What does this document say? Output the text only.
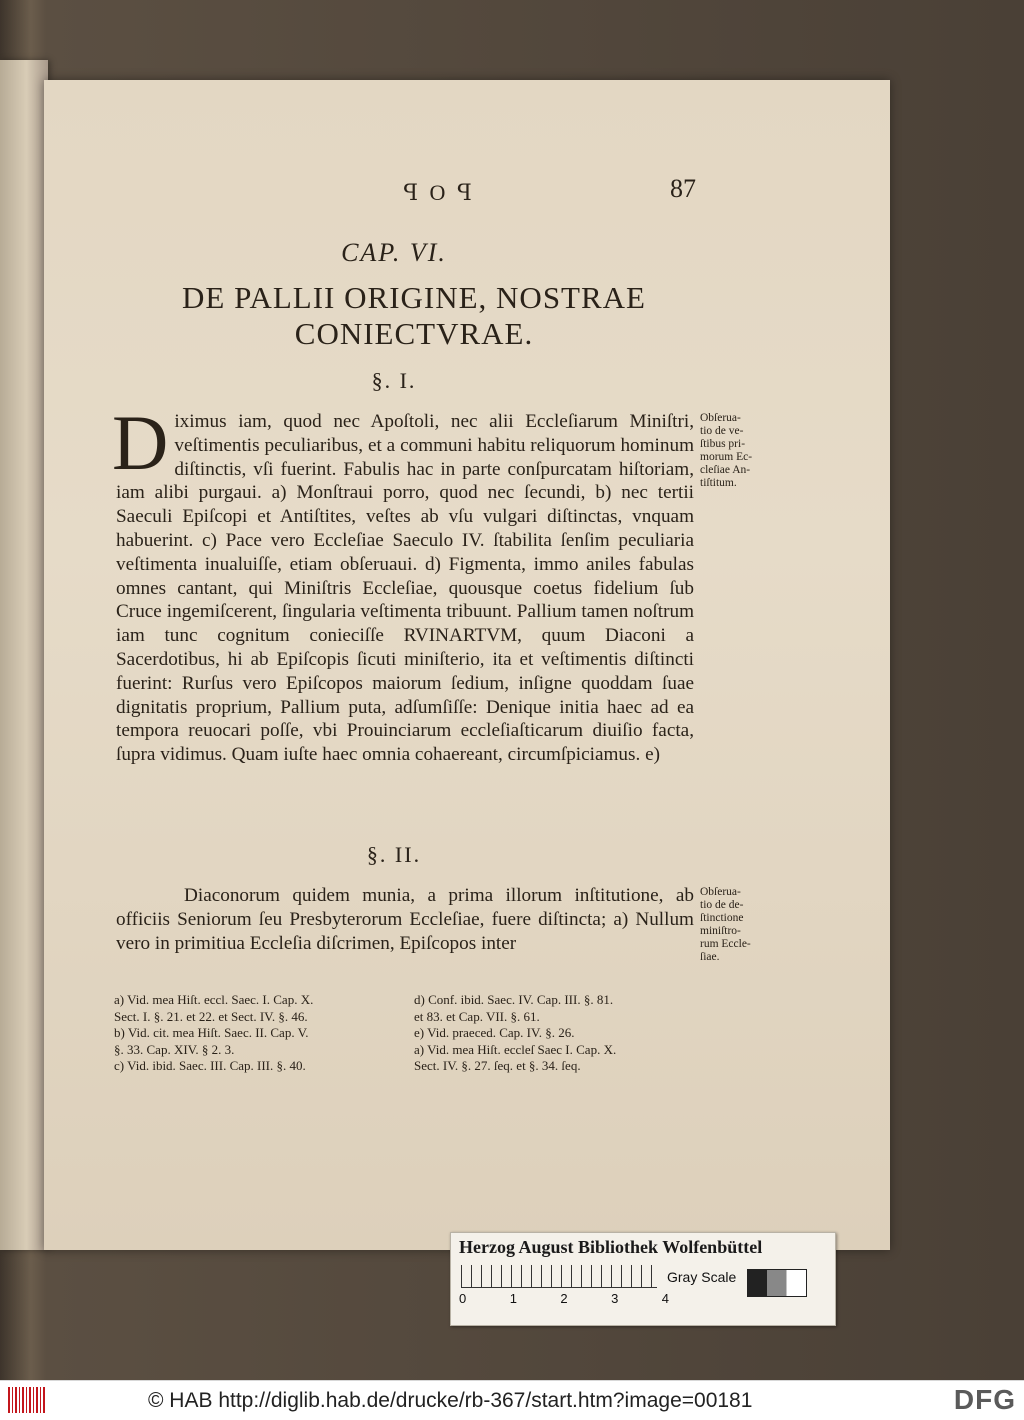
ꟼ O ꟼ	87
CAP. VI.
DE PALLII ORIGINE, NOSTRAE
CONIECTVRAE.
§. I.

Diximus iam, quod nec Apoſtoli, nec alii Eccleſiarum Miniſtri, veſtimentis peculiaribus, et a communi habitu reliquorum hominum diſtinctis, vſi fuerint. Fabulis hac in parte conſpurcatam hiſtoriam, iam alibi purgaui. a) Monſtraui porro, quod nec ſecundi, b) nec tertii Saeculi Epiſcopi et Antiſtites, veſtes ab vſu vulgari diſtinctas, vnquam habuerint. c) Pace vero Eccleſiae Saeculo IV. ſtabilita ſenſim peculiaria veſtimenta inualuiſſe, etiam obſeruaui. d) Figmenta, immo aniles fabulas omnes cantant, qui Miniſtris Eccleſiae, quousque coetus fidelium ſub Cruce ingemiſcerent, ſingularia veſtimenta tribuunt. Pallium tamen noſtrum iam tunc cognitum conieciſſe RVINARTVM, quum Diaconi a Sacerdotibus, hi ab Epiſcopis ſicuti miniſterio, ita et veſtimentis diſtincti fuerint: Rurſus vero Epiſcopos maiorum ſedium, inſigne quoddam ſuae dignitatis proprium, Pallium puta, adſumſiſſe: Denique initia haec ad ea tempora reuocari poſſe, vbi Prouinciarum eccleſiaſticarum diuiſio facta, ſupra vidimus. Quam iuſte haec omnia cohaereant, circumſpiciamus. e)

Obſerua-
tio de ve-
ſtibus pri-
morum Ec-
cleſiae An-
tiſtitum.
§. II.

Diaconorum quidem munia, a prima illorum inſtitutione, ab officiis Seniorum ſeu Presbyterorum Eccleſiae, fuere diſtincta; a) Nullum vero in primitiua Eccleſia diſcrimen, Epiſcopos inter

Obſerua-
tio de de-
ſtinctione
miniſtro-
rum Eccle-
ſiae.
a) Vid. mea Hiſt. eccl. Saec. I. Cap. X.
Sect. I. §. 21. et 22. et Sect. IV. §. 46.
b) Vid. cit. mea Hiſt. Saec. II. Cap. V.
§. 33. Cap. XIV. § 2. 3.
c) Vid. ibid. Saec. III. Cap. III. §. 40.
d) Conf. ibid. Saec. IV. Cap. III. §. 81.
et 83. et Cap. VII. §. 61.
e) Vid. praeced. Cap. IV. §. 26.
a) Vid. mea Hiſt. eccleſ Saec I. Cap. X.
Sect. IV. §. 27. ſeq. et §. 34. ſeq.
Herzog August Bibliothek Wolfenbüttel
0	1	2	3	4
Gray Scale
© HAB http://diglib.hab.de/drucke/rb-367/start.htm?image=00181	DFG
